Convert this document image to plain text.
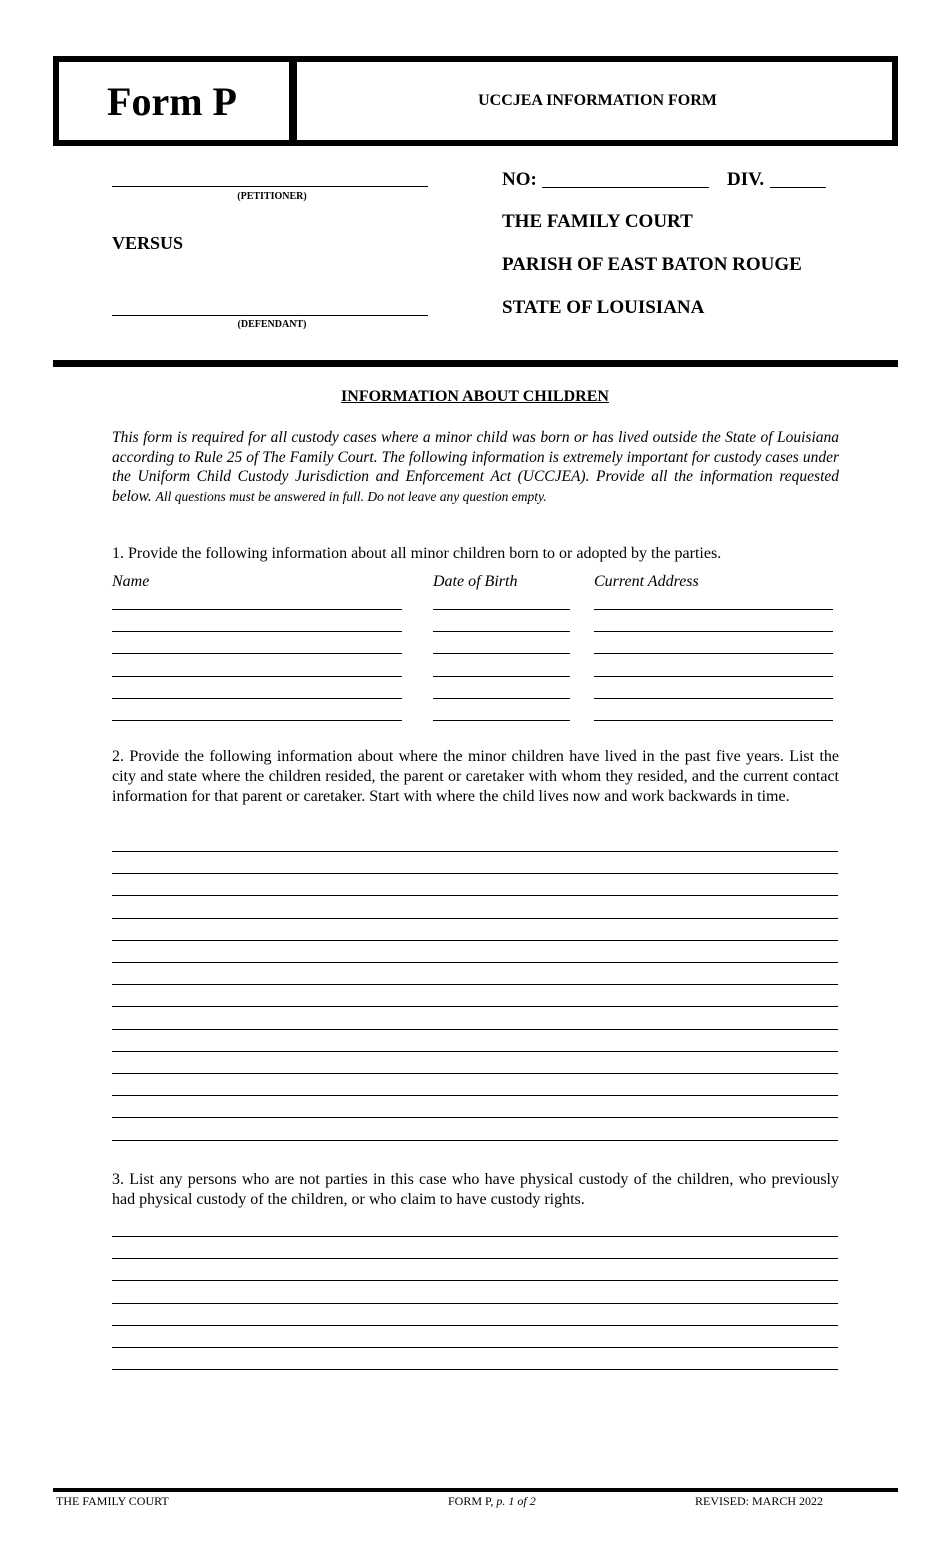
Form P	UCCJEA INFORMATION FORM
(PETITIONER)
VERSUS
(DEFENDANT)
NO:	DIV.
THE FAMILY COURT
PARISH OF EAST BATON ROUGE
STATE OF LOUISIANA
INFORMATION ABOUT CHILDREN
This form is required for all custody cases where a minor child was born or has lived outside the State of Louisiana according to Rule 25 of The Family Court. The following information is extremely important for custody cases under the Uniform Child Custody Jurisdiction and Enforcement Act (UCCJEA). Provide all the information requested below. All questions must be answered in full. Do not leave any question empty.
1. Provide the following information about all minor children born to or adopted by the parties.
Name	Date of Birth	Current Address
2. Provide the following information about where the minor children have lived in the past five years. List the city and state where the children resided, the parent or caretaker with whom they resided, and the current contact information for that parent or caretaker. Start with where the child lives now and work backwards in time.
3. List any persons who are not parties in this case who have physical custody of the children, who previously had physical custody of the children, or who claim to have custody rights.
THE FAMILY COURT	FORM P, p. 1 of 2	REVISED: MARCH 2022
